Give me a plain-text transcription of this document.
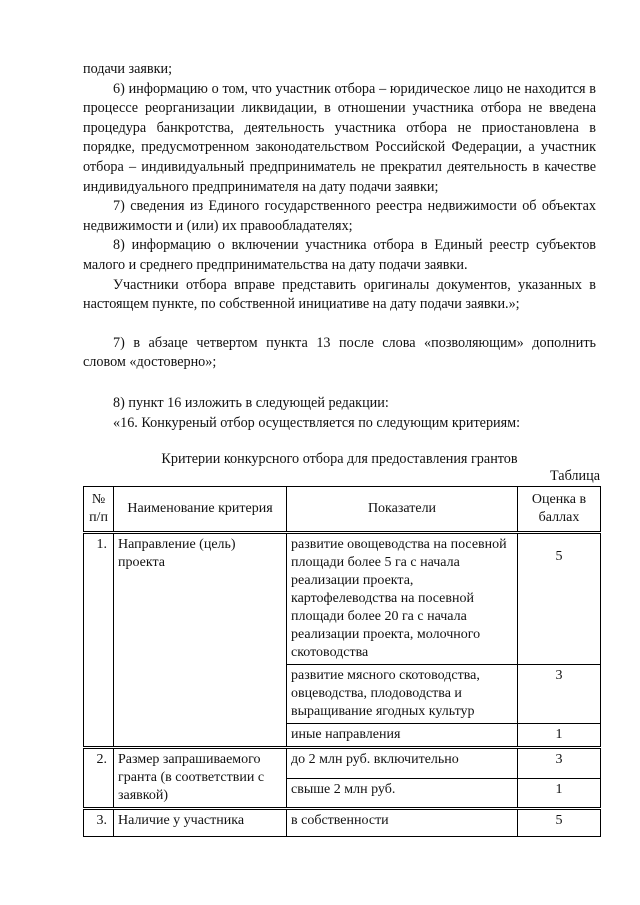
подачи заявки;

6) информацию о том, что участник отбора – юридическое лицо не находится в процессе реорганизации ликвидации, в отношении участника отбора не введена процедура банкротства, деятельность участника отбора не приостановлена в порядке, предусмотренном законодательством Российской Федерации, а участник отбора – индивидуальный предприниматель не прекратил деятельность в качестве индивидуального предпринимателя на дату подачи заявки;

7) сведения из Единого государственного реестра недвижимости об объектах недвижимости и (или) их правообладателях;

8) информацию о включении участника отбора в Единый реестр субъектов малого и среднего предпринимательства на дату подачи заявки.

Участники отбора вправе представить оригиналы документов, указанных в настоящем пункте, по собственной инициативе на дату подачи заявки.»;

7) в абзаце четвертом пункта 13 после слова «позволяющим» дополнить словом «достоверно»;

8) пункт 16 изложить в следующей редакции:

«16. Конкуреный отбор осуществляется по следующим критериям:

Критерии конкурсного отбора для предоставления грантов
Таблица
№ п/п	Наименование критерия	Показатели	Оценка в баллах
1.	Направление (цель) проекта	развитие овощеводства на посевной площади более 5 га с начала реализации проекта, картофелеводства на посевной площади более 20 га с начала реализации проекта, молочного скотоводства	5
		развитие мясного скотоводства, овцеводства, плодоводства и выращивание ягодных культур	3
		иные направления	1
2.	Размер запрашиваемого гранта (в соответствии с заявкой)	до 2 млн руб. включительно	3
		свыше 2 млн руб.	1
3.	Наличие у участника	в собственности	5
